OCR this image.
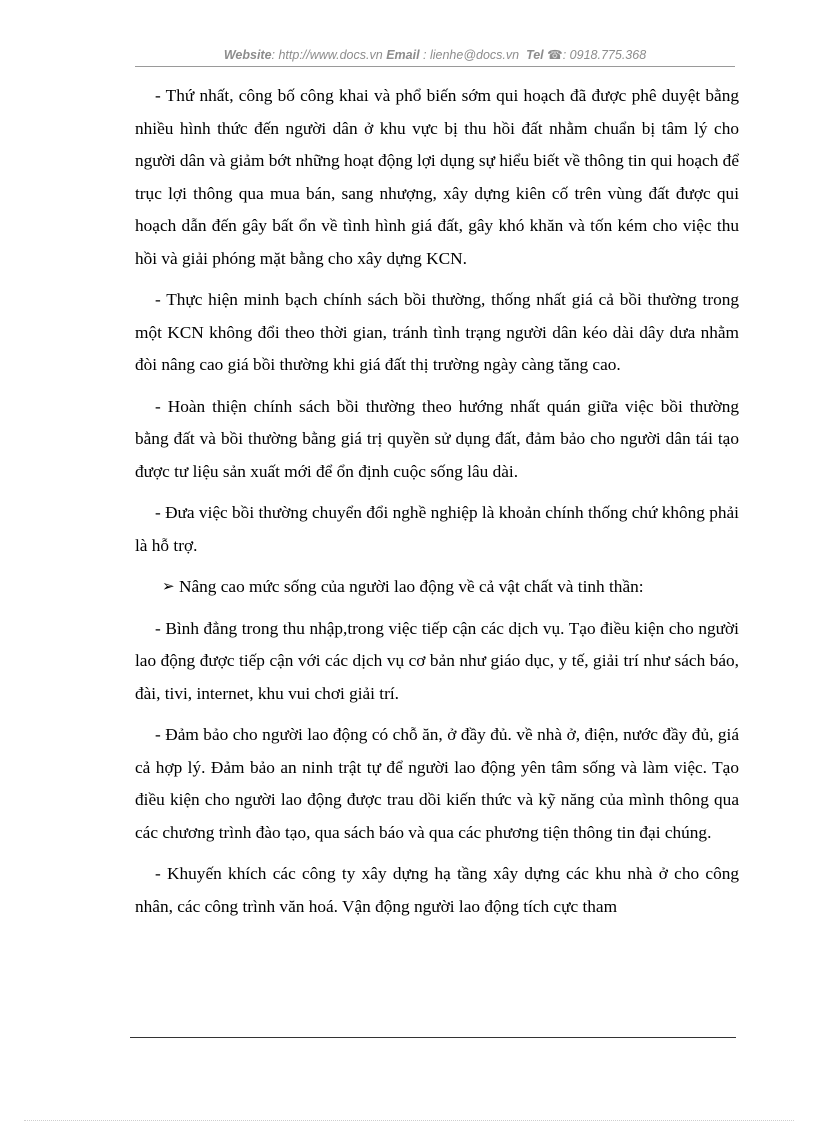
Website: http://www.docs.vn Email : lienhe@docs.vn Tel ☎: 0918.775.368

- Thứ nhất, công bố công khai và phổ biến sớm qui hoạch đã được phê duyệt bằng nhiều hình thức đến người dân ở khu vực bị thu hồi đất nhằm chuẩn bị tâm lý cho người dân và giảm bớt những hoạt động lợi dụng sự hiểu biết về thông tin qui hoạch để trục lợi thông qua mua bán, sang nhượng, xây dựng kiên cố trên vùng đất được qui hoạch dẫn đến gây bất ổn về tình hình giá đất, gây khó khăn và tốn kém cho việc thu hồi và giải phóng mặt bằng cho xây dựng KCN.

- Thực hiện minh bạch chính sách bồi thường, thống nhất giá cả bồi thường trong một KCN không đổi theo thời gian, tránh tình trạng người dân kéo dài dây dưa nhằm đòi nâng cao giá bồi thường khi giá đất thị trường ngày càng tăng cao.

- Hoàn thiện chính sách bồi thường theo hướng nhất quán giữa việc bồi thường bằng đất và bồi thường bằng giá trị quyền sử dụng đất, đảm bảo cho người dân tái tạo được tư liệu sản xuất mới để ổn định cuộc sống lâu dài.

- Đưa việc bồi thường chuyển đổi nghề nghiệp là khoản chính thống chứ không phải là hỗ trợ.

➢ Nâng cao mức sống của người lao động về cả vật chất và tinh thần:

- Bình đẳng trong thu nhập,trong việc tiếp cận các dịch vụ. Tạo điều kiện cho người lao động được tiếp cận với các dịch vụ cơ bản như giáo dục, y tế, giải trí như sách báo, đài, tivi, internet, khu vui chơi giải trí.

- Đảm bảo cho người lao động có chỗ ăn, ở đầy đủ. về nhà ở, điện, nước đầy đủ, giá cả hợp lý. Đảm bảo an ninh trật tự để người lao động yên tâm sống và làm việc. Tạo điều kiện cho người lao động được trau dồi kiến thức và kỹ năng của mình thông qua các chương trình đào tạo, qua sách báo và qua các phương tiện thông tin đại chúng.

- Khuyến khích các công ty xây dựng hạ tầng xây dựng các khu nhà ở cho công nhân, các công trình văn hoá. Vận động người lao động tích cực tham
